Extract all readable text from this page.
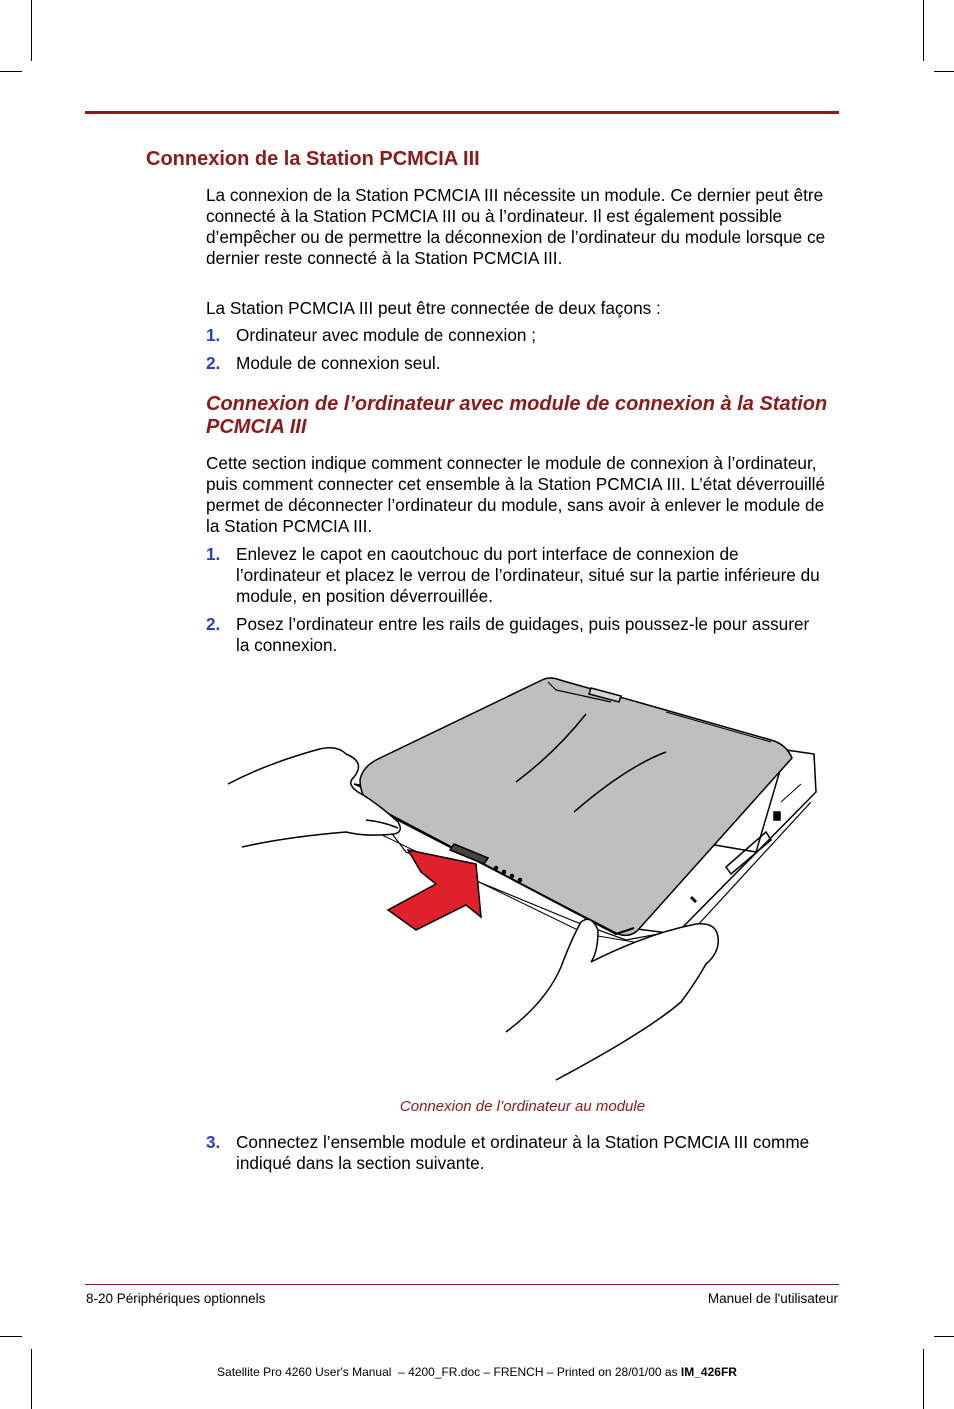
Connexion de la Station PCMCIA III

La connexion de la Station PCMCIA III nécessite un module. Ce dernier peut être connecté à la Station PCMCIA III ou à l’ordinateur. Il est également possible d’empêcher ou de permettre la déconnexion de l’ordinateur du module lorsque ce dernier reste connecté à la Station PCMCIA III.

La Station PCMCIA III peut être connectée de deux façons :

1. Ordinateur avec module de connexion ;
2. Module de connexion seul.
Connexion de l’ordinateur avec module de connexion à la Station PCMCIA III

Cette section indique comment connecter le module de connexion à l’ordinateur, puis comment connecter cet ensemble à la Station PCMCIA III. L’état déverrouillé permet de déconnecter l’ordinateur du module, sans avoir à enlever le module de la Station PCMCIA III.

1. Enlevez le capot en caoutchouc du port interface de connexion de l’ordinateur et placez le verrou de l’ordinateur, situé sur la partie inférieure du module, en position déverrouillée.
2. Posez l’ordinateur entre les rails de guidages, puis poussez-le pour assurer la connexion.
Connexion de l’ordinateur au module
3. Connectez l’ensemble module et ordinateur à la Station PCMCIA III comme indiqué dans la section suivante.
8-20 Périphériques optionnels	Manuel de l'utilisateur
Satellite Pro 4260 User's Manual  – 4200_FR.doc – FRENCH – Printed on 28/01/00 as IM_426FR
